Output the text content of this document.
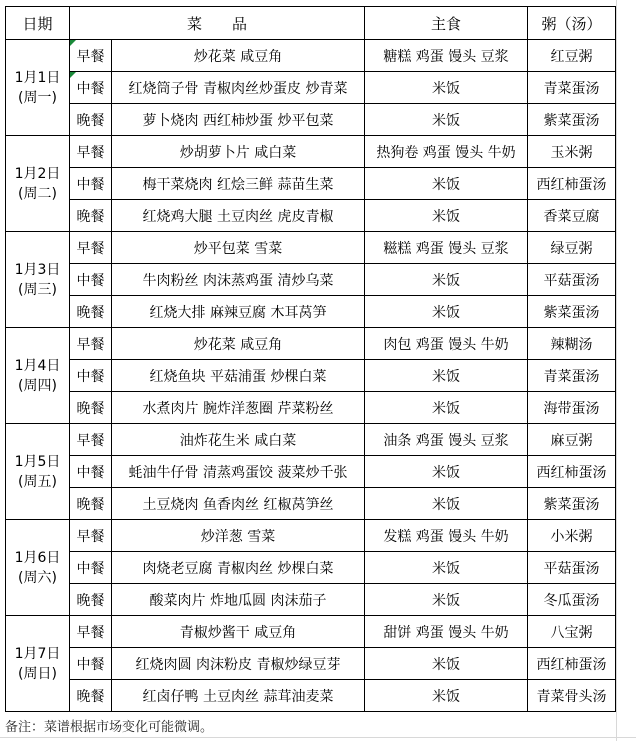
日期	菜　　品		主食	粥（汤）

1月1日
(周一)	早餐	炒花菜 咸豆角	糖糕 鸡蛋 馒头 豆浆	红豆粥
	中餐	红烧筒子骨 青椒肉丝炒蛋皮 炒青菜	米饭	青菜蛋汤
	晚餐	萝卜烧肉 西红柿炒蛋 炒平包菜	米饭	紫菜蛋汤

1月2日
(周二)	早餐	炒胡萝卜片 咸白菜	热狗卷 鸡蛋 馒头 牛奶	玉米粥
	中餐	梅干菜烧肉 红烩三鲜 蒜苗生菜	米饭	西红柿蛋汤
	晚餐	红烧鸡大腿 土豆肉丝 虎皮青椒	米饭	香菜豆腐

1月3日
(周三)	早餐	炒平包菜 雪菜	糍糕 鸡蛋 馒头 豆浆	绿豆粥
	中餐	牛肉粉丝 肉沫蒸鸡蛋 清炒乌菜	米饭	平菇蛋汤
	晚餐	红烧大排 麻辣豆腐 木耳莴笋	米饭	紫菜蛋汤

1月4日
(周四)	早餐	炒花菜 咸豆角	肉包 鸡蛋 馒头 牛奶	辣糊汤
	中餐	红烧鱼块 平菇浦蛋 炒棵白菜	米饭	青菜蛋汤
	晚餐	水煮肉片 腕炸洋葱圈 芹菜粉丝	米饭	海带蛋汤

1月5日
(周五)	早餐	油炸花生米 咸白菜	油条 鸡蛋 馒头 豆浆	麻豆粥
	中餐	蚝油牛仔骨 清蒸鸡蛋饺 菠菜炒千张	米饭	西红柿蛋汤
	晚餐	土豆烧肉 鱼香肉丝 红椒莴笋丝	米饭	紫菜蛋汤

1月6日
(周六)	早餐	炒洋葱 雪菜	发糕 鸡蛋 馒头 牛奶	小米粥
	中餐	肉烧老豆腐 青椒肉丝 炒棵白菜	米饭	平菇蛋汤
	晚餐	酸菜肉片 炸地瓜圆 肉沫茄子	米饭	冬瓜蛋汤

1月7日
(周日)	早餐	青椒炒酱干 咸豆角	甜饼 鸡蛋 馒头 牛奶	八宝粥
	中餐	红烧肉圆 肉沫粉皮 青椒炒绿豆芽	米饭	西红柿蛋汤
	晚餐	红卤仔鸭 土豆肉丝 蒜茸油麦菜	米饭	青菜骨头汤
备注：菜谱根据市场变化可能微调。
